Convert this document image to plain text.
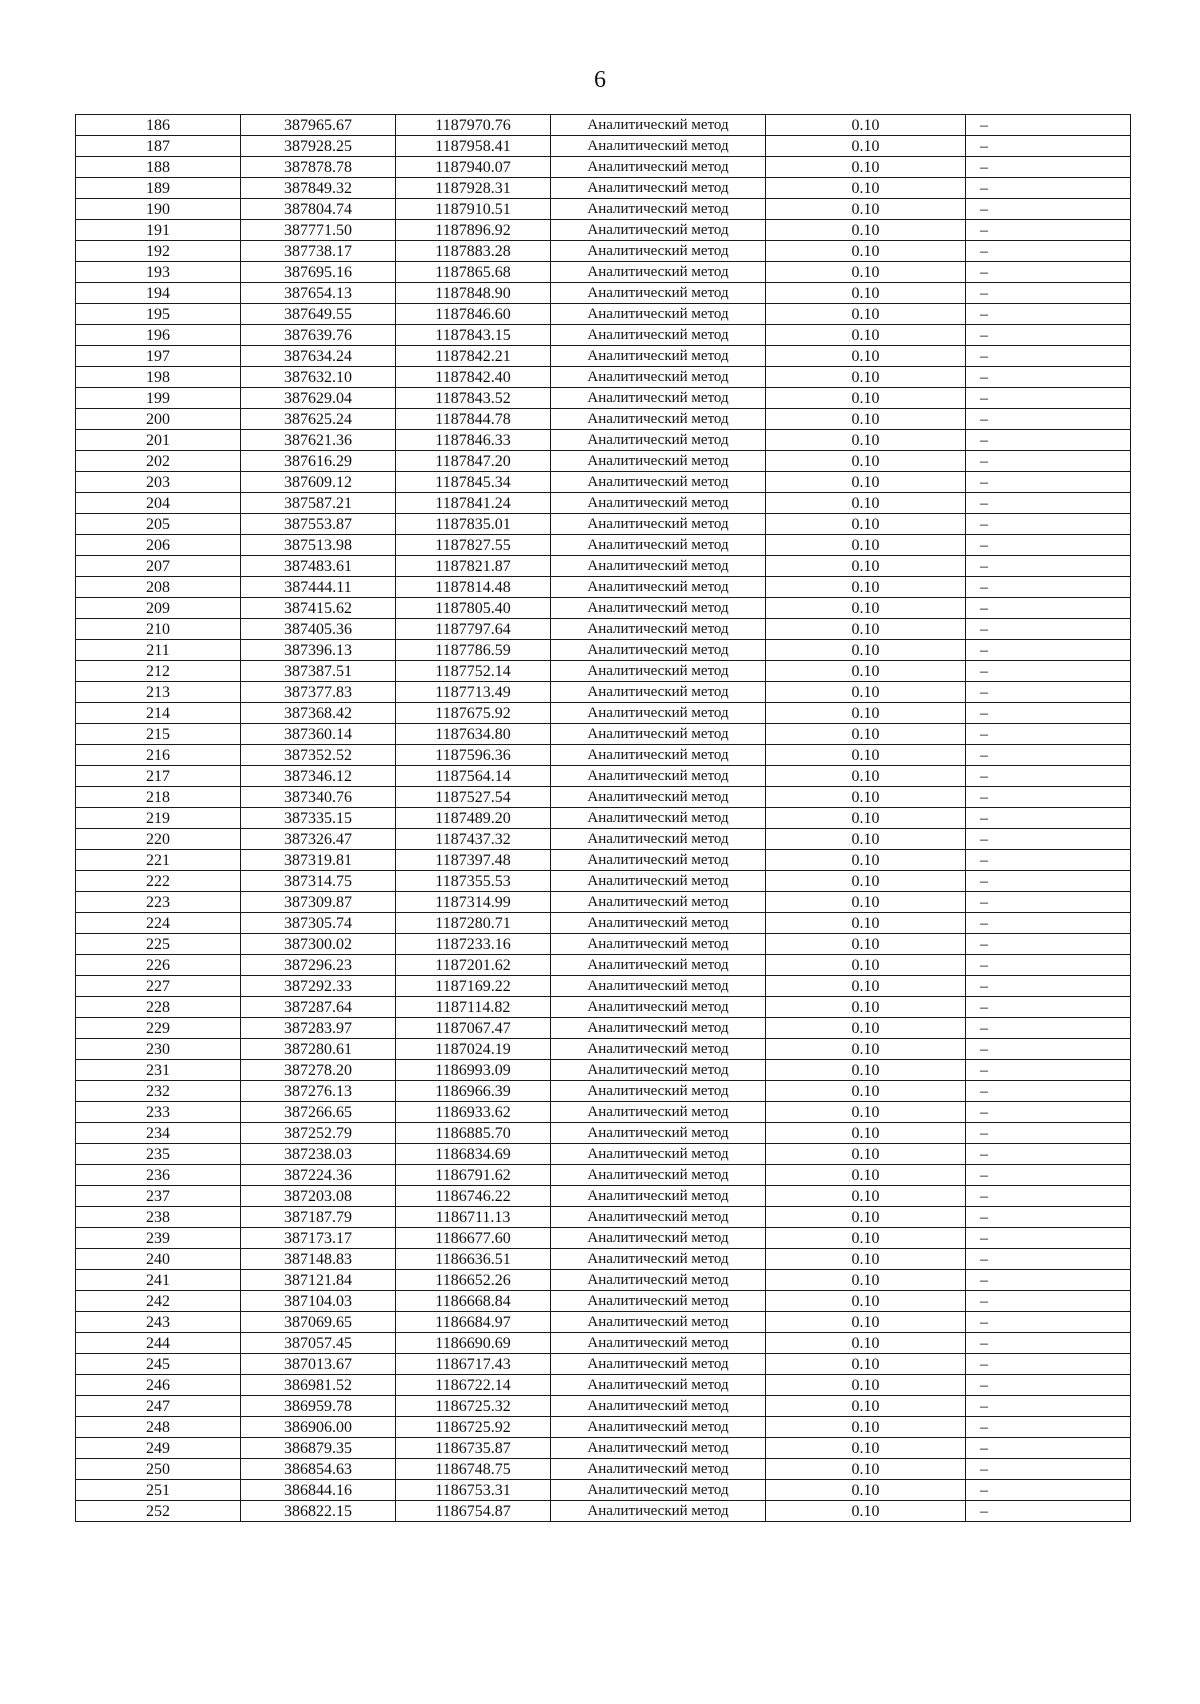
6
186	387965.67	1187970.76	Аналитический метод	0.10	–
187	387928.25	1187958.41	Аналитический метод	0.10	–
188	387878.78	1187940.07	Аналитический метод	0.10	–
189	387849.32	1187928.31	Аналитический метод	0.10	–
190	387804.74	1187910.51	Аналитический метод	0.10	–
191	387771.50	1187896.92	Аналитический метод	0.10	–
192	387738.17	1187883.28	Аналитический метод	0.10	–
193	387695.16	1187865.68	Аналитический метод	0.10	–
194	387654.13	1187848.90	Аналитический метод	0.10	–
195	387649.55	1187846.60	Аналитический метод	0.10	–
196	387639.76	1187843.15	Аналитический метод	0.10	–
197	387634.24	1187842.21	Аналитический метод	0.10	–
198	387632.10	1187842.40	Аналитический метод	0.10	–
199	387629.04	1187843.52	Аналитический метод	0.10	–
200	387625.24	1187844.78	Аналитический метод	0.10	–
201	387621.36	1187846.33	Аналитический метод	0.10	–
202	387616.29	1187847.20	Аналитический метод	0.10	–
203	387609.12	1187845.34	Аналитический метод	0.10	–
204	387587.21	1187841.24	Аналитический метод	0.10	–
205	387553.87	1187835.01	Аналитический метод	0.10	–
206	387513.98	1187827.55	Аналитический метод	0.10	–
207	387483.61	1187821.87	Аналитический метод	0.10	–
208	387444.11	1187814.48	Аналитический метод	0.10	–
209	387415.62	1187805.40	Аналитический метод	0.10	–
210	387405.36	1187797.64	Аналитический метод	0.10	–
211	387396.13	1187786.59	Аналитический метод	0.10	–
212	387387.51	1187752.14	Аналитический метод	0.10	–
213	387377.83	1187713.49	Аналитический метод	0.10	–
214	387368.42	1187675.92	Аналитический метод	0.10	–
215	387360.14	1187634.80	Аналитический метод	0.10	–
216	387352.52	1187596.36	Аналитический метод	0.10	–
217	387346.12	1187564.14	Аналитический метод	0.10	–
218	387340.76	1187527.54	Аналитический метод	0.10	–
219	387335.15	1187489.20	Аналитический метод	0.10	–
220	387326.47	1187437.32	Аналитический метод	0.10	–
221	387319.81	1187397.48	Аналитический метод	0.10	–
222	387314.75	1187355.53	Аналитический метод	0.10	–
223	387309.87	1187314.99	Аналитический метод	0.10	–
224	387305.74	1187280.71	Аналитический метод	0.10	–
225	387300.02	1187233.16	Аналитический метод	0.10	–
226	387296.23	1187201.62	Аналитический метод	0.10	–
227	387292.33	1187169.22	Аналитический метод	0.10	–
228	387287.64	1187114.82	Аналитический метод	0.10	–
229	387283.97	1187067.47	Аналитический метод	0.10	–
230	387280.61	1187024.19	Аналитический метод	0.10	–
231	387278.20	1186993.09	Аналитический метод	0.10	–
232	387276.13	1186966.39	Аналитический метод	0.10	–
233	387266.65	1186933.62	Аналитический метод	0.10	–
234	387252.79	1186885.70	Аналитический метод	0.10	–
235	387238.03	1186834.69	Аналитический метод	0.10	–
236	387224.36	1186791.62	Аналитический метод	0.10	–
237	387203.08	1186746.22	Аналитический метод	0.10	–
238	387187.79	1186711.13	Аналитический метод	0.10	–
239	387173.17	1186677.60	Аналитический метод	0.10	–
240	387148.83	1186636.51	Аналитический метод	0.10	–
241	387121.84	1186652.26	Аналитический метод	0.10	–
242	387104.03	1186668.84	Аналитический метод	0.10	–
243	387069.65	1186684.97	Аналитический метод	0.10	–
244	387057.45	1186690.69	Аналитический метод	0.10	–
245	387013.67	1186717.43	Аналитический метод	0.10	–
246	386981.52	1186722.14	Аналитический метод	0.10	–
247	386959.78	1186725.32	Аналитический метод	0.10	–
248	386906.00	1186725.92	Аналитический метод	0.10	–
249	386879.35	1186735.87	Аналитический метод	0.10	–
250	386854.63	1186748.75	Аналитический метод	0.10	–
251	386844.16	1186753.31	Аналитический метод	0.10	–
252	386822.15	1186754.87	Аналитический метод	0.10	–
